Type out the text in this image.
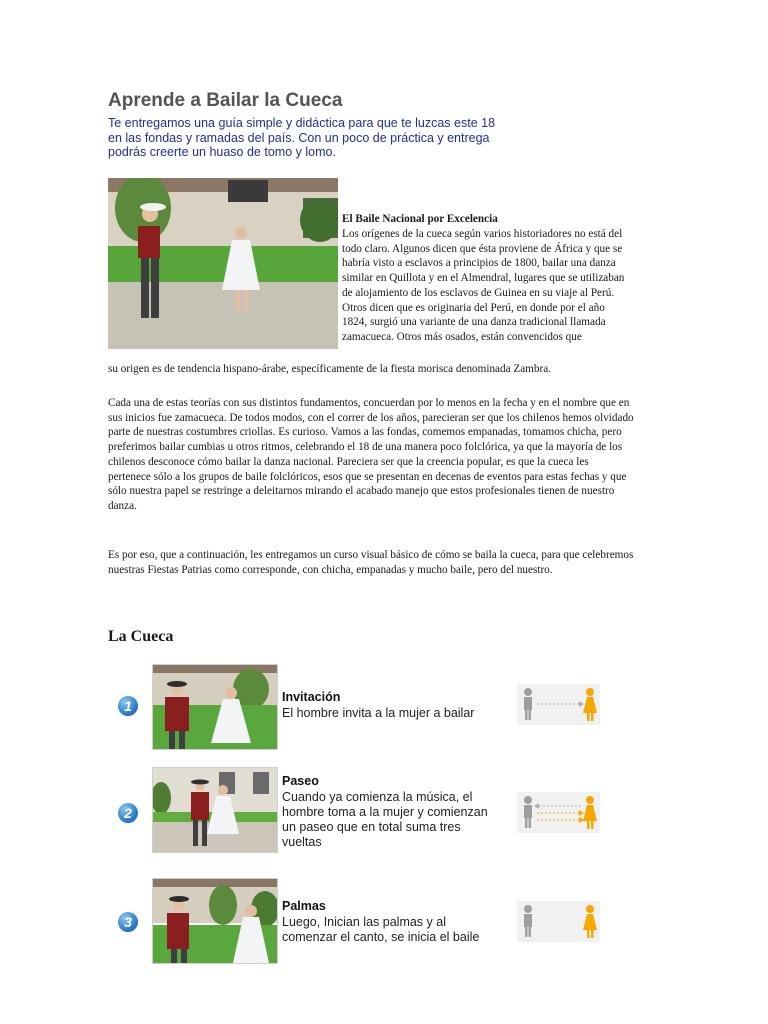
Aprende a Bailar la Cueca

Te entregamos una guía simple y didáctica para que te luzcas este 18 en las fondas y ramadas del país. Con un poco de práctica y entrega podrás creerte un huaso de tomo y lomo.

El Baile Nacional por Excelencia
Los orígenes de la cueca según varios historiadores no está del todo claro. Algunos dicen que ésta proviene de África y que se habría visto a esclavos a principios de 1800, bailar una danza similar en Quillota y en el Almendral, lugares que se utilizaban de alojamiento de los esclavos de Guinea en su viaje al Perú. Otros dicen que es originaria del Perú, en donde por el año 1824, surgió una variante de una danza tradicional llamada zamacueca. Otros más osados, están convencidos que
su origen es de tendencia hispano-árabe, específicamente de la fiesta morisca denominada Zambra.
Cada una de estas teorías con sus distintos fundamentos, concuerdan por lo menos en la fecha y en el nombre que en sus inicios fue zamacueca. De todos modos, con el correr de los años, parecieran ser que los chilenos hemos olvidado parte de nuestras costumbres criollas. Es curioso. Vamos a las fondas, comemos empanadas, tomamos chicha, pero preferimos bailar cumbias u otros ritmos, celebrando el 18 de una manera poco folclórica, ya que la mayoría de los chilenos desconoce cómo bailar la danza nacional. Pareciera ser que la creencia popular, es que la cueca les pertenece sólo a los grupos de baile folclóricos, esos que se presentan en decenas de eventos para estas fechas y que sólo nuestra papel se restringe a deleitarnos mirando el acabado manejo que estos profesionales tienen de nuestro danza.
Es por eso, que a continuación, les entregamos un curso visual básico de cómo se baila la cueca, para que celebremos nuestras Fiestas Patrias como corresponde, con chicha, empanadas y mucho baile, pero del nuestro.
La Cueca
1
Invitación
El hombre invita a la mujer a bailar
2
Paseo
Cuando ya comienza la música, el hombre toma a la mujer y comienzan un paseo que en total suma tres vueltas
3
Palmas
Luego, Inician las palmas y al comenzar el canto, se inicia el baile
